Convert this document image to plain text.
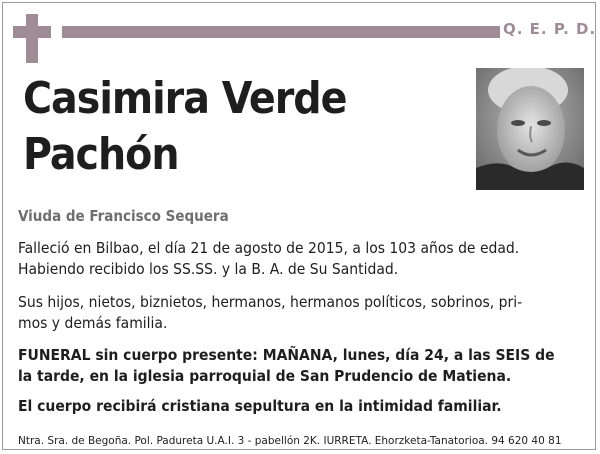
Q. E. P. D.
Casimira Verde
Pachón
Viuda de Francisco Sequera
Falleció en Bilbao, el día 21 de agosto de 2015, a los 103 años de edad.
Habiendo recibido los SS.SS. y la B. A. de Su Santidad.
Sus hijos, nietos, biznietos, hermanos, hermanos políticos, sobrinos, pri-
mos y demás familia.
FUNERAL sin cuerpo presente: MAÑANA, lunes, día 24, a las SEIS de
la tarde, en la iglesia parroquial de San Prudencio de Matiena.
El cuerpo recibirá cristiana sepultura en la intimidad familiar.
Ntra. Sra. de Begoña. Pol. Padureta U.A.I. 3 - pabellón 2K. IURRETA. Ehorzketa-Tanatorioa. 94 620 40 81
